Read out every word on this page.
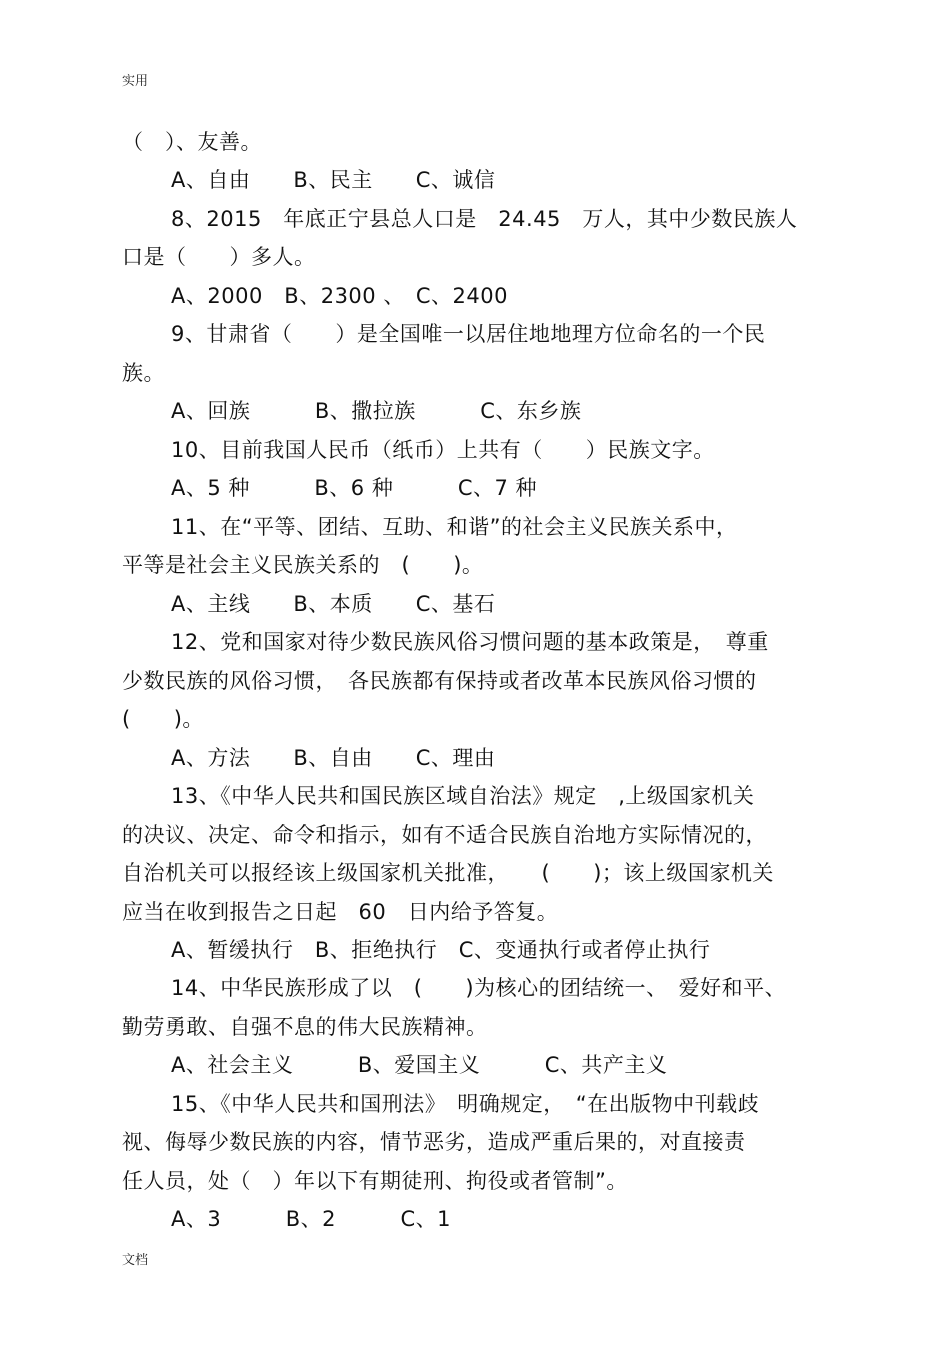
实用
（　）、友善。
A、自由　　B、民主　　C、诚信
8、2015　年底正宁县总人口是　24.45　万人，其中少数民族人
口是（　　）多人。
A、2000　B、2300 、　C、2400
9、甘肃省（　　）是全国唯一以居住地地理方位命名的一个民
族。
A、回族　　　B、撒拉族　　　C、东乡族
10、目前我国人民币（纸币）上共有（　　）民族文字。
A、5 种　　　B、6 种　　　C、7 种
11、在“平等、团结、互助、和谐”的社会主义民族关系中，
平等是社会主义民族关系的　(　　)。
A、主线　　B、本质　　C、基石
12、党和国家对待少数民族风俗习惯问题的基本政策是，　尊重
少数民族的风俗习惯，　各民族都有保持或者改革本民族风俗习惯的
(　　)。
A、方法　　B、自由　　C、理由
13、《中华人民共和国民族区域自治法》规定　,上级国家机关
的决议、决定、命令和指示，如有不适合民族自治地方实际情况的，
自治机关可以报经该上级国家机关批准，　　(　　)；该上级国家机关
应当在收到报告之日起　60　日内给予答复。
A、暂缓执行　B、拒绝执行　C、变通执行或者停止执行
14、中华民族形成了以　(　　)为核心的团结统一、　爱好和平、
勤劳勇敢、自强不息的伟大民族精神。
A、社会主义　　　B、爱国主义　　　C、共产主义
15、《中华人民共和国刑法》　明确规定，　“在出版物中刊载歧
视、侮辱少数民族的内容，情节恶劣，造成严重后果的，对直接责
任人员，处（　）年以下有期徒刑、拘役或者管制”。
A、3　　　B、2　　　C、1
文档
